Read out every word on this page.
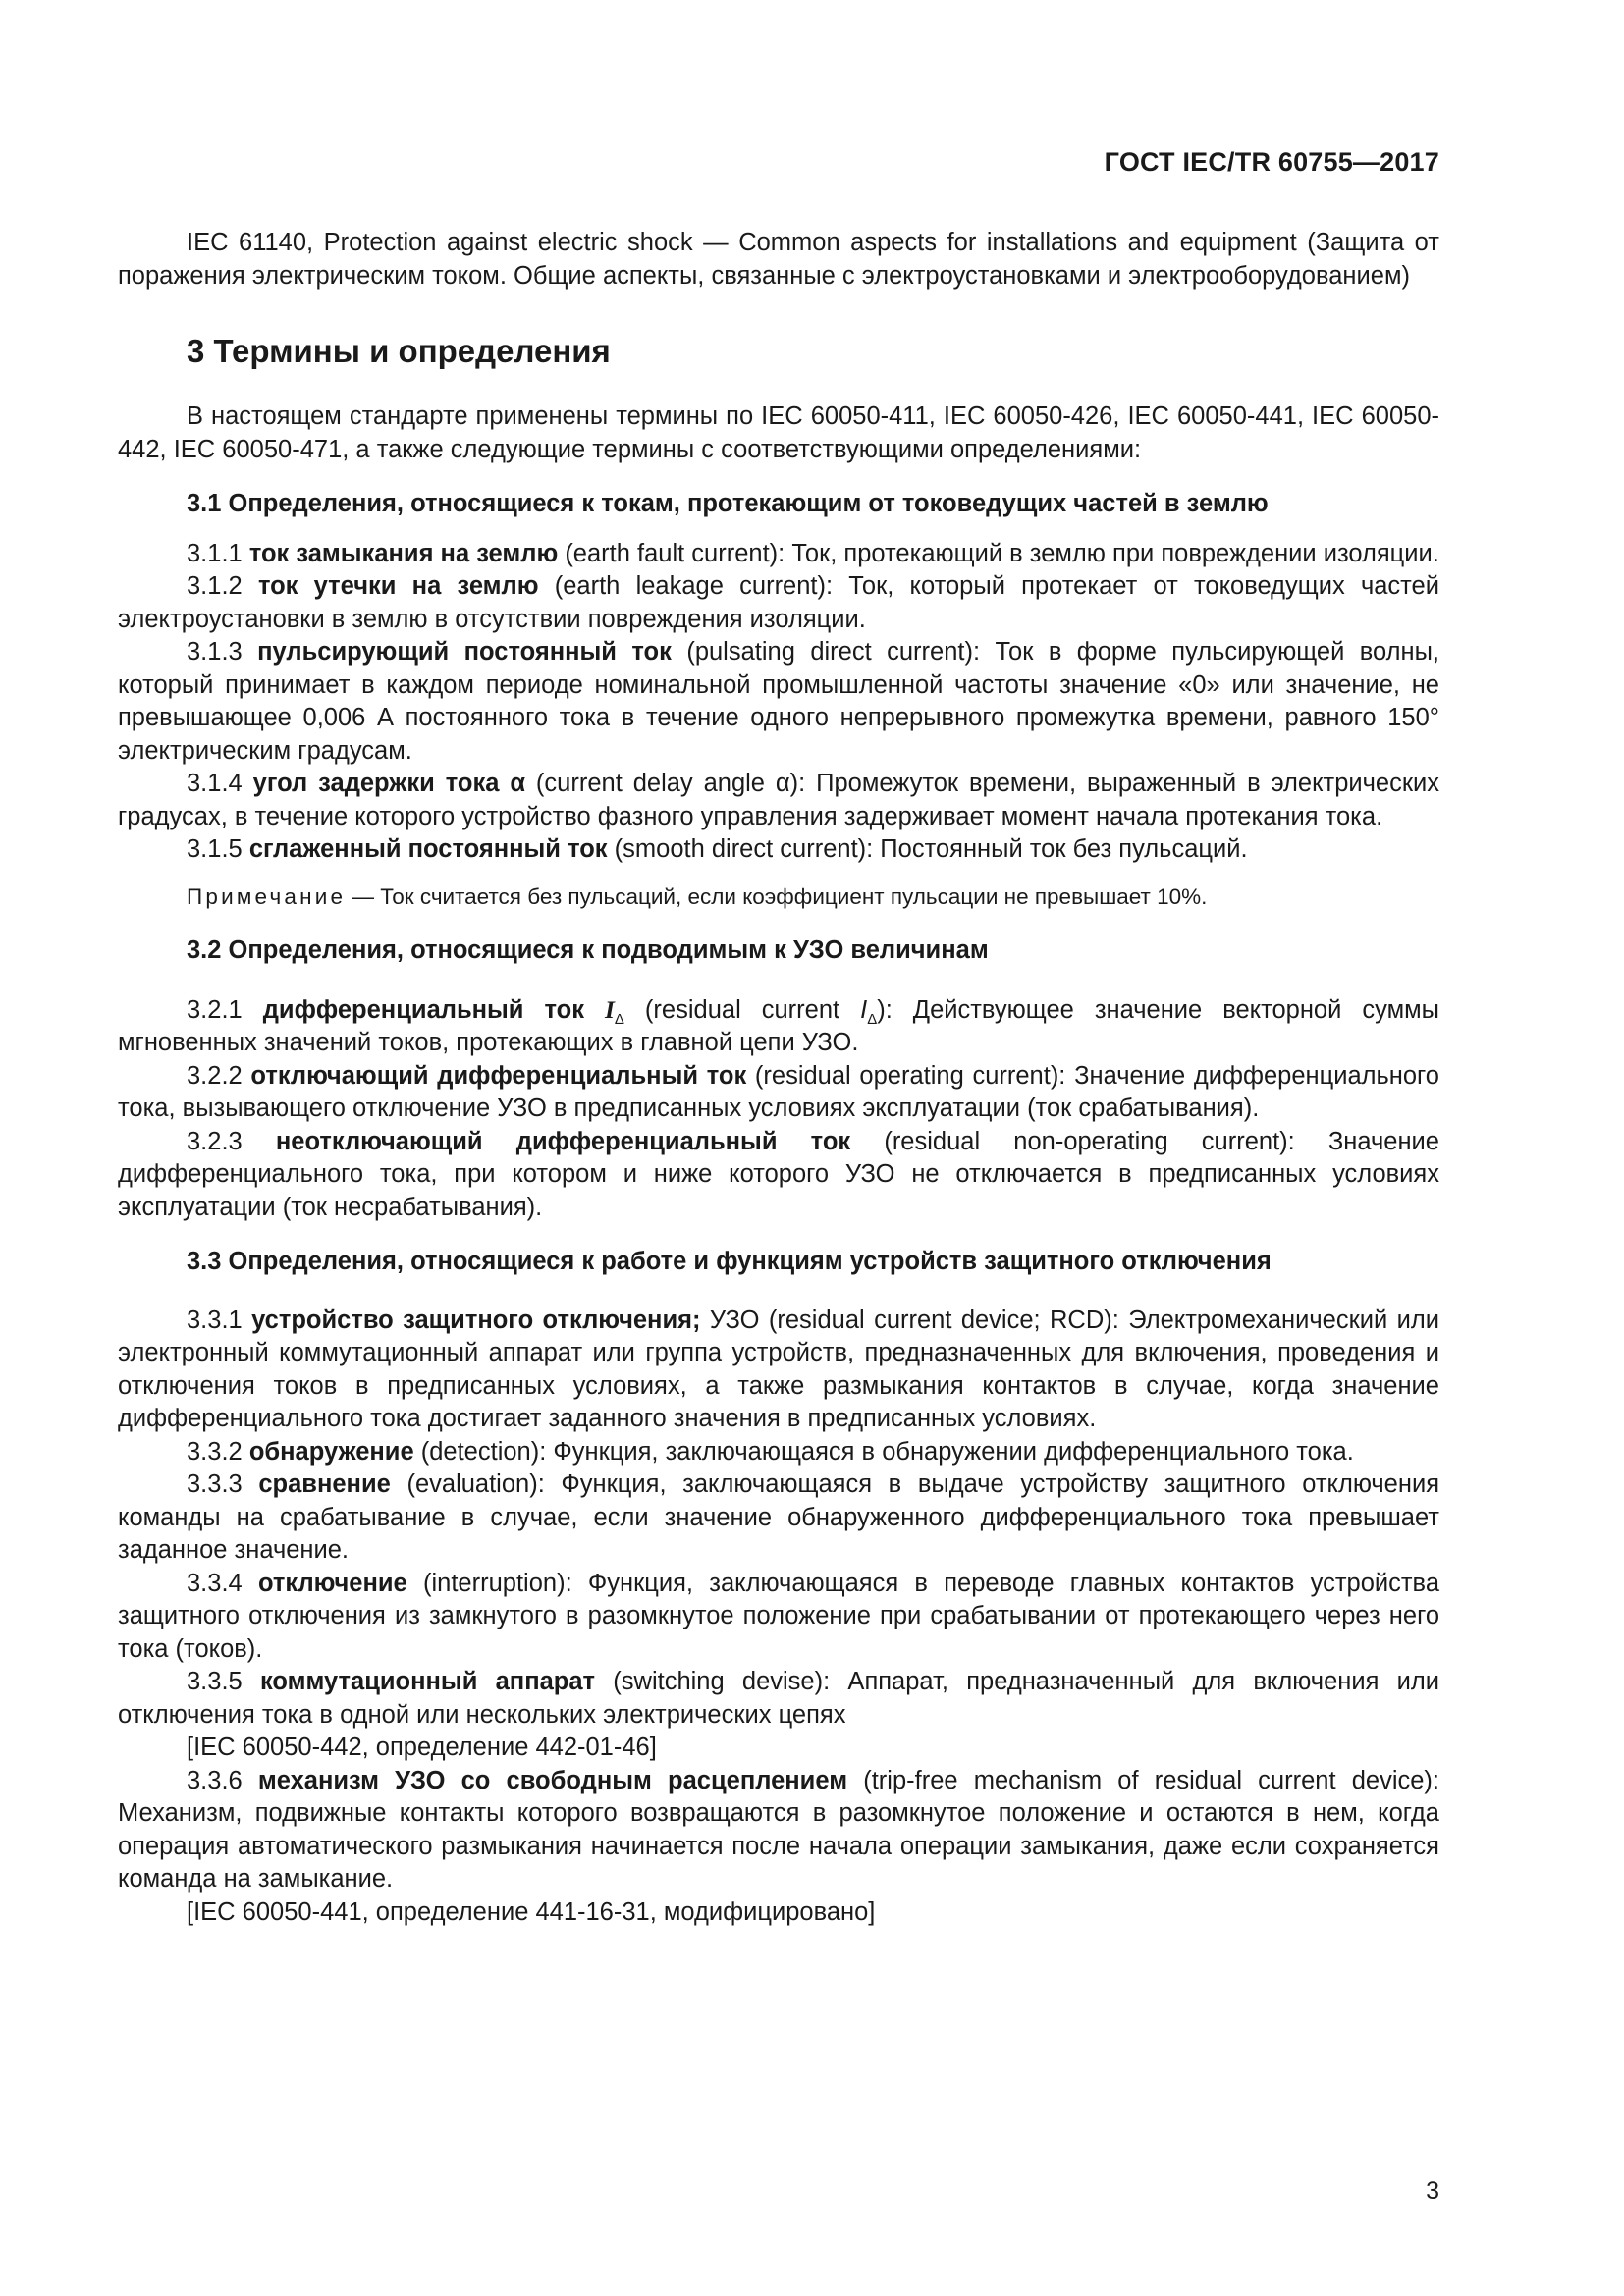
ГОСТ IEC/TR 60755—2017

IEC 61140, Protection against electric shock — Common aspects for installations and equipment (Защита от поражения электрическим током. Общие аспекты, связанные с электроустановками и электрооборудованием)

3 Термины и определения

В настоящем стандарте применены термины по IEC 60050-411, IEC 60050-426, IEC 60050-441, IEC 60050-442, IEC 60050-471, а также следующие термины с соответствующими определениями:

3.1 Определения, относящиеся к токам, протекающим от токоведущих частей в землю

3.1.1 ток замыкания на землю (earth fault current): Ток, протекающий в землю при повреждении изоляции.

3.1.2 ток утечки на землю (earth leakage current): Ток, который протекает от токоведущих частей электроустановки в землю в отсутствии повреждения изоляции.

3.1.3 пульсирующий постоянный ток (pulsating direct current): Ток в форме пульсирующей волны, который принимает в каждом периоде номинальной промышленной частоты значение «0» или значение, не превышающее 0,006 А постоянного тока в течение одного непрерывного промежутка времени, равного 150° электрическим градусам.

3.1.4 угол задержки тока α (current delay angle α): Промежуток времени, выраженный в электрических градусах, в течение которого устройство фазного управления задерживает момент начала протекания тока.

3.1.5 сглаженный постоянный ток (smooth direct current): Постоянный ток без пульсаций.

Примечание — Ток считается без пульсаций, если коэффициент пульсации не превышает 10%.

3.2 Определения, относящиеся к подводимым к УЗО величинам

3.2.1 дифференциальный ток $I_\Delta$ (residual current $I_\Delta$): Действующее значение векторной суммы мгновенных значений токов, протекающих в главной цепи УЗО.

3.2.2 отключающий дифференциальный ток (residual operating current): Значение дифференциального тока, вызывающего отключение УЗО в предписанных условиях эксплуатации (ток срабатывания).

3.2.3 неотключающий дифференциальный ток (residual non-operating current): Значение дифференциального тока, при котором и ниже которого УЗО не отключается в предписанных условиях эксплуатации (ток несрабатывания).

3.3 Определения, относящиеся к работе и функциям устройств защитного отключения

3.3.1 устройство защитного отключения; УЗО (residual current device; RCD): Электромеханический или электронный коммутационный аппарат или группа устройств, предназначенных для включения, проведения и отключения токов в предписанных условиях, а также размыкания контактов в случае, когда значение дифференциального тока достигает заданного значения в предписанных условиях.

3.3.2 обнаружение (detection): Функция, заключающаяся в обнаружении дифференциального тока.

3.3.3 сравнение (evaluation): Функция, заключающаяся в выдаче устройству защитного отключения команды на срабатывание в случае, если значение обнаруженного дифференциального тока превышает заданное значение.

3.3.4 отключение (interruption): Функция, заключающаяся в переводе главных контактов устройства защитного отключения из замкнутого в разомкнутое положение при срабатывании от протекающего через него тока (токов).

3.3.5 коммутационный аппарат (switching devise): Аппарат, предназначенный для включения или отключения тока в одной или нескольких электрических цепях

[IEC 60050-442, определение 442-01-46]

3.3.6 механизм УЗО со свободным расцеплением (trip-free mechanism of residual current device): Механизм, подвижные контакты которого возвращаются в разомкнутое положение и остаются в нем, когда операция автоматического размыкания начинается после начала операции замыкания, даже если сохраняется команда на замыкание.

[IEC 60050-441, определение 441-16-31, модифицировано]

3
